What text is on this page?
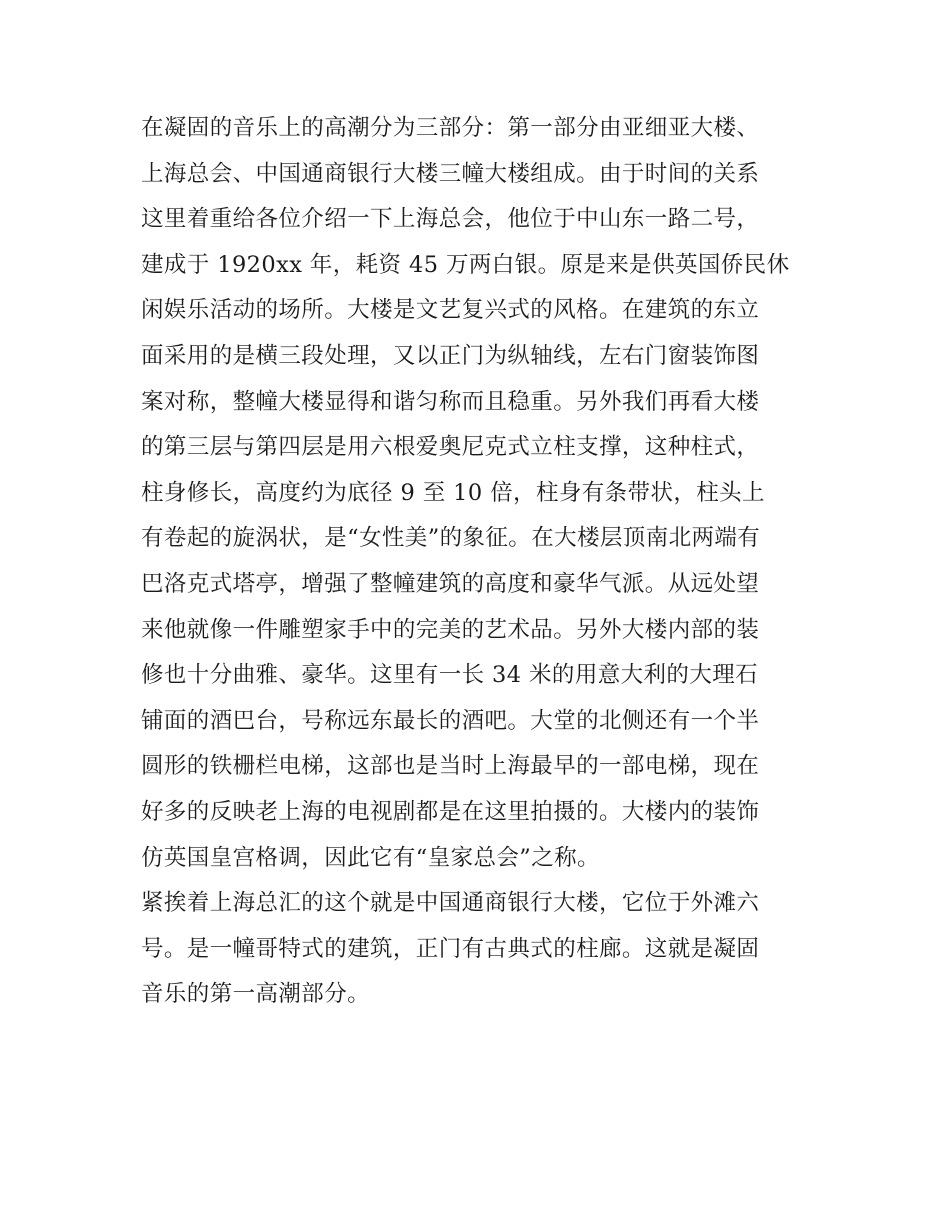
在凝固的音乐上的高潮分为三部分：第一部分由亚细亚大楼、
上海总会、中国通商银行大楼三幢大楼组成。由于时间的关系
这里着重给各位介绍一下上海总会，他位于中山东一路二号，
建成于 1920xx 年，耗资 45 万两白银。原是来是供英国侨民休
闲娱乐活动的场所。大楼是文艺复兴式的风格。在建筑的东立
面采用的是横三段处理，又以正门为纵轴线，左右门窗装饰图
案对称，整幢大楼显得和谐匀称而且稳重。另外我们再看大楼
的第三层与第四层是用六根爱奥尼克式立柱支撑，这种柱式，
柱身修长，高度约为底径 9 至 10 倍，柱身有条带状，柱头上
有卷起的旋涡状，是“女性美”的象征。在大楼层顶南北两端有
巴洛克式塔亭，增强了整幢建筑的高度和豪华气派。从远处望
来他就像一件雕塑家手中的完美的艺术品。另外大楼内部的装
修也十分曲雅、豪华。这里有一长 34 米的用意大利的大理石
铺面的酒巴台，号称远东最长的酒吧。大堂的北侧还有一个半
圆形的铁栅栏电梯，这部也是当时上海最早的一部电梯，现在
好多的反映老上海的电视剧都是在这里拍摄的。大楼内的装饰
仿英国皇宫格调，因此它有“皇家总会”之称。
紧挨着上海总汇的这个就是中国通商银行大楼，它位于外滩六
号。是一幢哥特式的建筑，正门有古典式的柱廊。这就是凝固
音乐的第一高潮部分。
